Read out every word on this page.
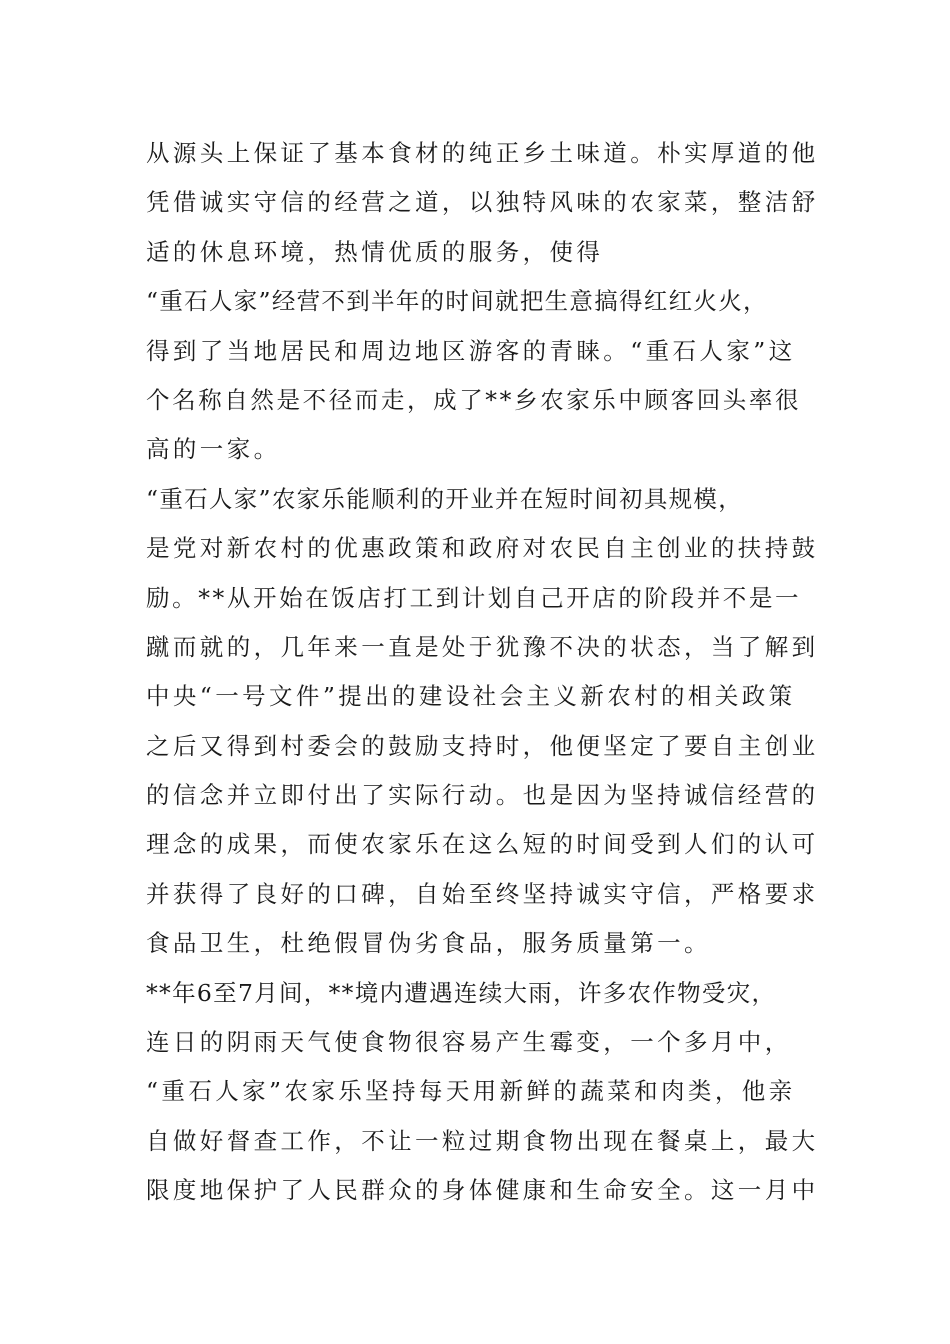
从源头上保证了基本食材的纯正乡土味道。朴实厚道的他
凭借诚实守信的经营之道，以独特风味的农家菜，整洁舒
适的休息环境，热情优质的服务，使得
“重石人家”经营不到半年的时间就把生意搞得红红火火，
得到了当地居民和周边地区游客的青睐。“重石人家”这
个名称自然是不径而走，成了**乡农家乐中顾客回头率很
高的一家。
“重石人家”农家乐能顺利的开业并在短时间初具规模，
是党对新农村的优惠政策和政府对农民自主创业的扶持鼓
励。**从开始在饭店打工到计划自己开店的阶段并不是一
蹴而就的，几年来一直是处于犹豫不决的状态，当了解到
中央“一号文件”提出的建设社会主义新农村的相关政策
之后又得到村委会的鼓励支持时，他便坚定了要自主创业
的信念并立即付出了实际行动。也是因为坚持诚信经营的
理念的成果，而使农家乐在这么短的时间受到人们的认可
并获得了良好的口碑，自始至终坚持诚实守信，严格要求
食品卫生，杜绝假冒伪劣食品，服务质量第一。
**年6至7月间，**境内遭遇连续大雨，许多农作物受灾，
连日的阴雨天气使食物很容易产生霉变，一个多月中，
“重石人家”农家乐坚持每天用新鲜的蔬菜和肉类，他亲
自做好督查工作，不让一粒过期食物出现在餐桌上，最大
限度地保护了人民群众的身体健康和生命安全。这一月中
